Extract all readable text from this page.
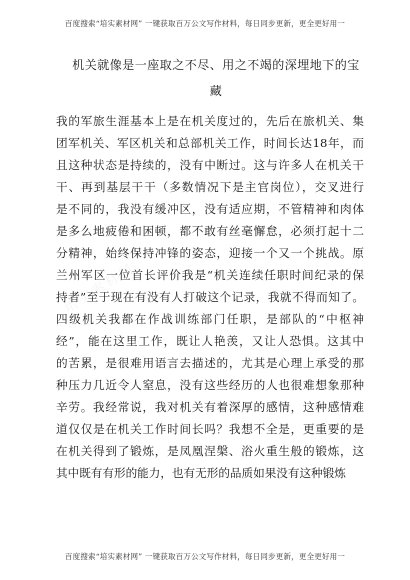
百度搜索“培实素材网” 一键获取百万公文写作材料，每日同步更新，更全更好用一
培实素材网
机关就像是一座取之不尽、用之不竭的深埋地下的宝
藏
我的军旅生涯基本上是在机关度过的，先后在旅机关、集
团军机关、军区机关和总部机关工作，时间长达18年，而
且这种状态是持续的，没有中断过。这与许多人在机关干
干、再到基层干干（多数情况下是主官岗位），交叉进行
是不同的，我没有缓冲区，没有适应期，不管精神和肉体
是多么地疲倦和困顿，都不敢有丝毫懈怠，必须打起十二
分精神，始终保持冲锋的姿态，迎接一个又一个挑战。原
兰州军区一位首长评价我是“机关连续任职时间纪录的保
持者”至于现在有没有人打破这个记录，我就不得而知了。
四级机关我都在作战训练部门任职，是部队的“中枢神
经”，能在这里工作，既让人艳羡，又让人恐惧。这其中
的苦累，是很难用语言去描述的，尤其是心理上承受的那
种压力几近令人窒息，没有这些经历的人也很难想象那种
辛劳。我经常说，我对机关有着深厚的感情，这种感情难
道仅仅是在机关工作时间长吗？我想不全是，更重要的是
在机关得到了锻炼，是凤凰涅槃、浴火重生般的锻炼，这
其中既有有形的能力，也有无形的品质如果没有这种锻炼
百度搜索“培实素材网” 一键获取百万公文写作材料，每日同步更新，更全更好用一
